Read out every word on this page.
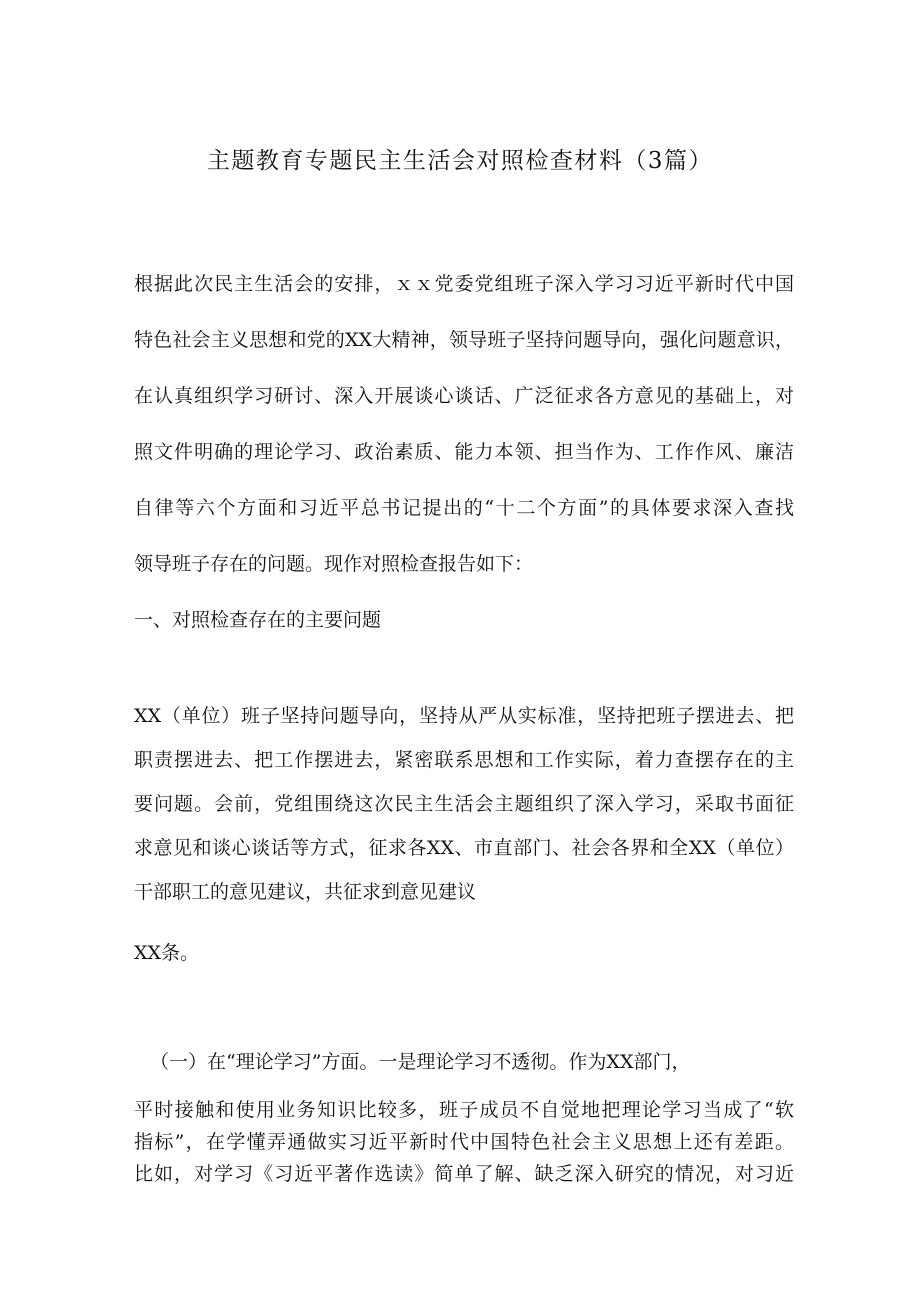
主题教育专题民主生活会对照检查材料（3篇）
根据此次民主生活会的安排，ｘｘ党委党组班子深入学习习近平新时代中国
特色社会主义思想和党的XX大精神，领导班子坚持问题导向，强化问题意识，
在认真组织学习研讨、深入开展谈心谈话、广泛征求各方意见的基础上，对
照文件明确的理论学习、政治素质、能力本领、担当作为、工作作风、廉洁
自律等六个方面和习近平总书记提出的“十二个方面”的具体要求深入查找
领导班子存在的问题。现作对照检查报告如下：
一、对照检查存在的主要问题
XX（单位）班子坚持问题导向，坚持从严从实标准，坚持把班子摆进去、把
职责摆进去、把工作摆进去，紧密联系思想和工作实际，着力查摆存在的主
要问题。会前，党组围绕这次民主生活会主题组织了深入学习，采取书面征
求意见和谈心谈话等方式，征求各XX、市直部门、社会各界和全XX（单位）
干部职工的意见建议，共征求到意见建议
XX条。
（一）在“理论学习”方面。一是理论学习不透彻。作为XX部门，
平时接触和使用业务知识比较多，班子成员不自觉地把理论学习当成了“软
指标”，在学懂弄通做实习近平新时代中国特色社会主义思想上还有差距。
比如，对学习《习近平著作选读》简单了解、缺乏深入研究的情况，对习近
